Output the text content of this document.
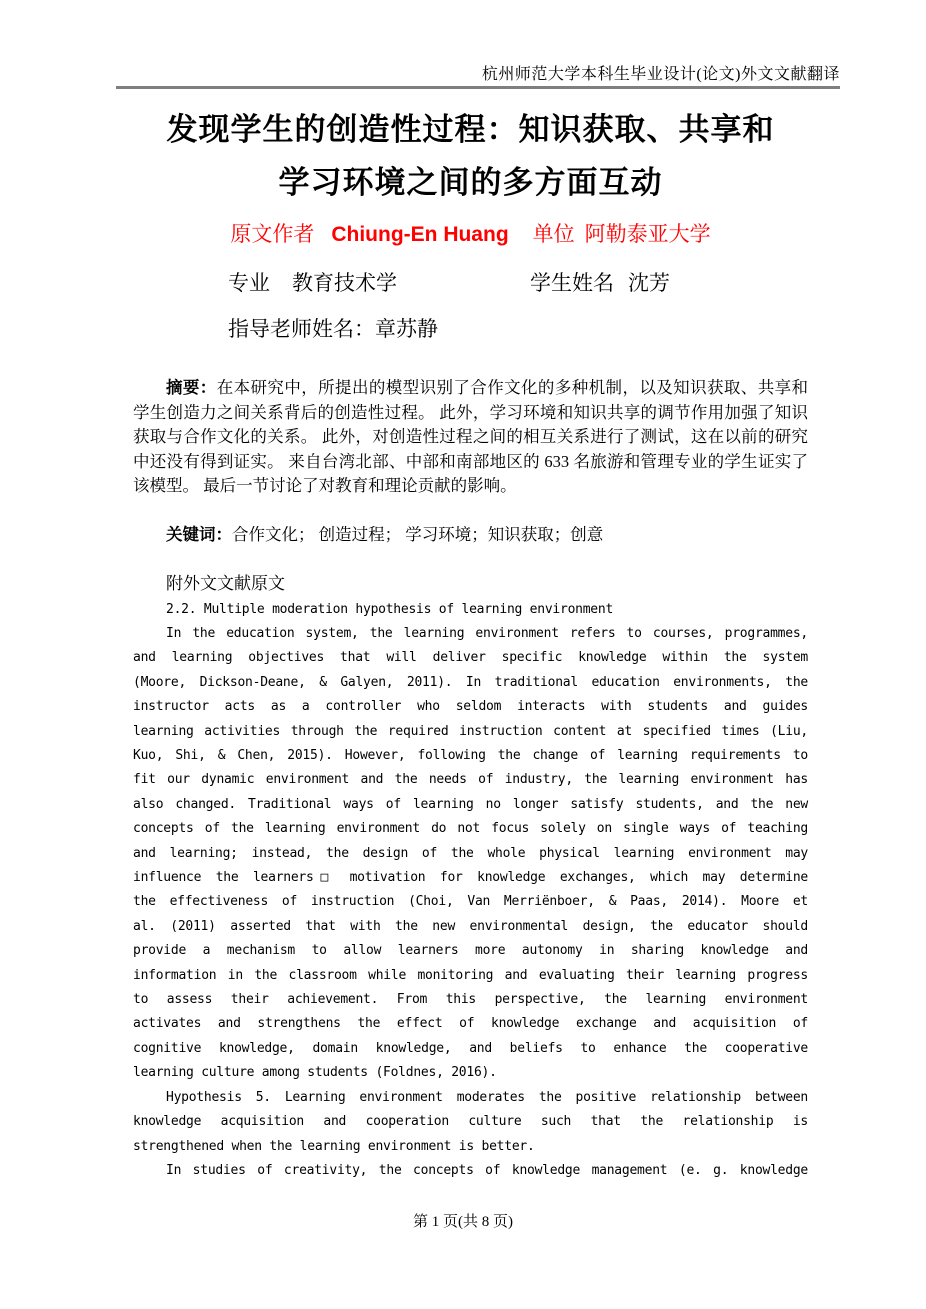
杭州师范大学本科生毕业设计(论文)外文文献翻译
发现学生的创造性过程：知识获取、共享和
学习环境之间的多方面互动
原文作者 Chiung-En Huang 单位 阿勒泰亚大学
专业 教育技术学	学生姓名 沈芳
指导老师姓名：章苏静

摘要：在本研究中，所提出的模型识别了合作文化的多种机制，以及知识获取、共享和学生创造力之间关系背后的创造性过程。 此外，学习环境和知识共享的调节作用加强了知识获取与合作文化的关系。 此外，对创造性过程之间的相互关系进行了测试，这在以前的研究中还没有得到证实。 来自台湾北部、中部和南部地区的 633 名旅游和管理专业的学生证实了该模型。 最后一节讨论了对教育和理论贡献的影响。

关键词：合作文化； 创造过程； 学习环境；知识获取；创意

附外文文献原文
2.2. Multiple moderation hypothesis of learning environment
In the education system, the learning environment refers to courses, programmes,
and learning objectives that will deliver specific knowledge within the system
(Moore, Dickson-Deane, & Galyen, 2011). In traditional education environments, the
instructor acts as a controller who seldom interacts with students and guides
learning activities through the required instruction content at specified times (Liu,
Kuo, Shi, & Chen, 2015). However, following the change of learning requirements to
fit our dynamic environment and the needs of industry, the learning environment has
also changed. Traditional ways of learning no longer satisfy students, and the new
concepts of the learning environment do not focus solely on single ways of teaching
and learning; instead, the design of the whole physical learning environment may
influence the learners□ motivation for knowledge exchanges, which may determine
the effectiveness of instruction (Choi, Van Merriënboer, & Paas, 2014). Moore et
al. (2011) asserted that with the new environmental design, the educator should
provide a mechanism to allow learners more autonomy in sharing knowledge and
information in the classroom while monitoring and evaluating their learning progress
to assess their achievement. From this perspective, the learning environment
activates and strengthens the effect of knowledge exchange and acquisition of
cognitive knowledge, domain knowledge, and beliefs to enhance the cooperative
learning culture among students (Foldnes, 2016).
Hypothesis 5. Learning environment moderates the positive relationship between
knowledge acquisition and cooperation culture such that the relationship is
strengthened when the learning environment is better.
In studies of creativity, the concepts of knowledge management (e. g. knowledge
第 1 页(共 8 页)
